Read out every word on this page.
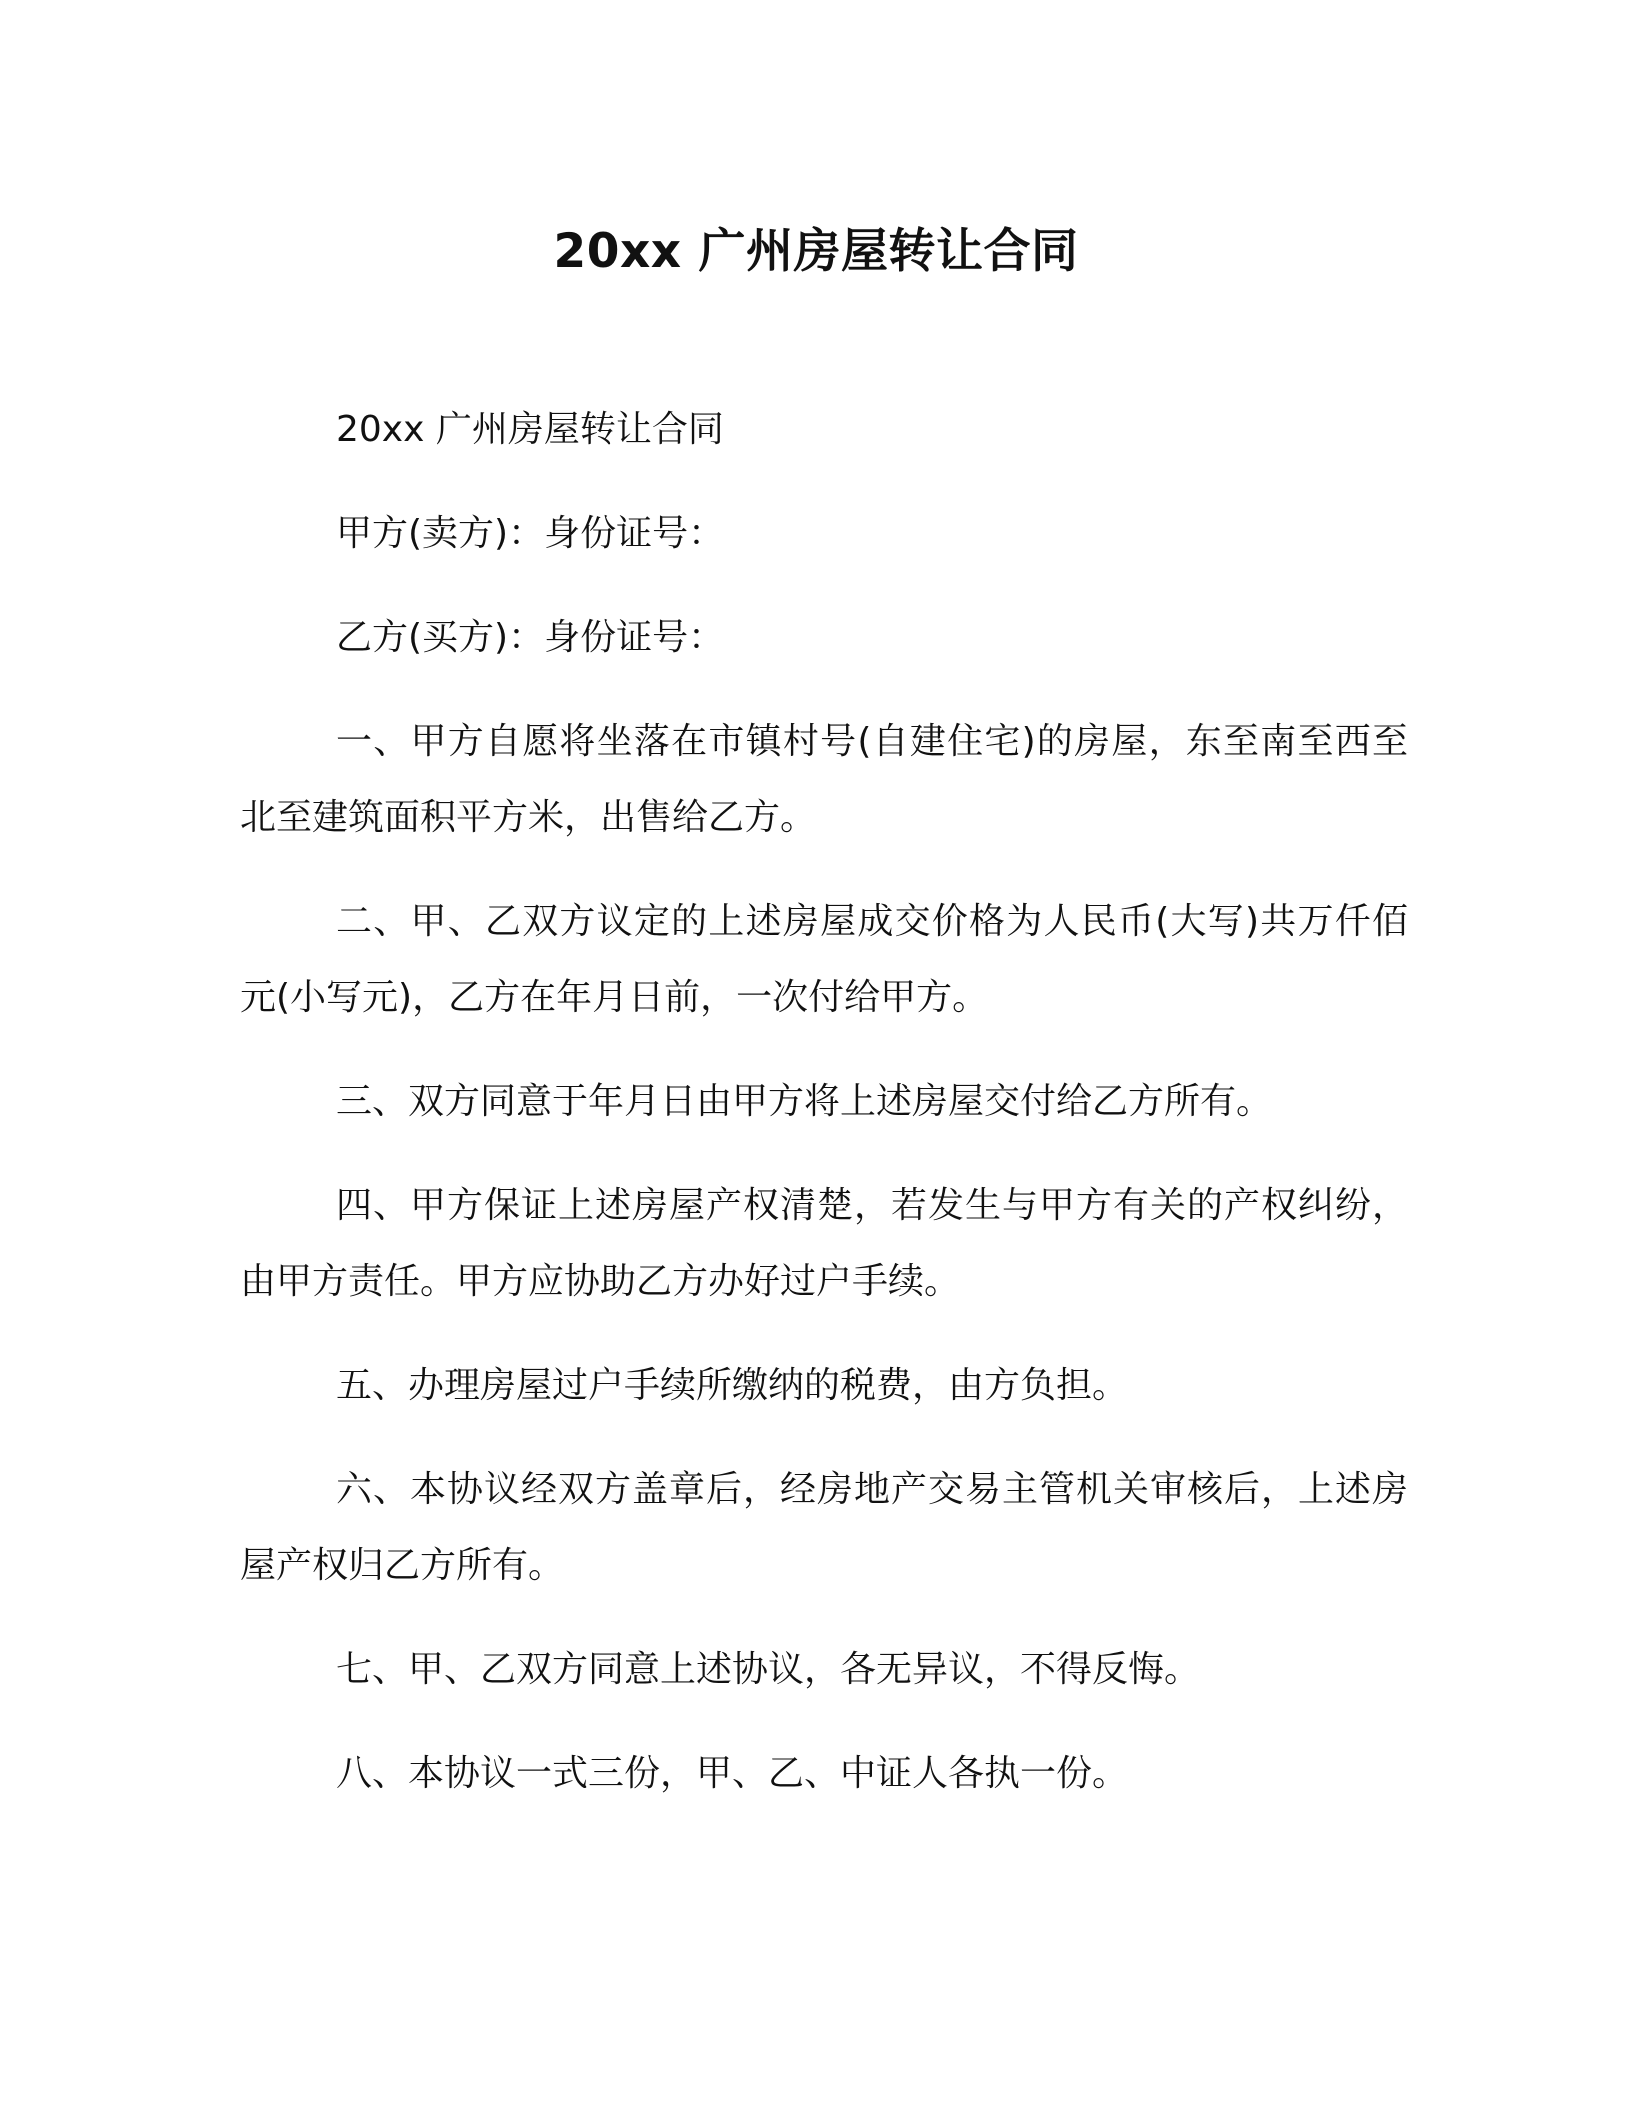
20xx 广州房屋转让合同

20xx 广州房屋转让合同

甲方(卖方)：身份证号：

乙方(买方)：身份证号：

一、甲方自愿将坐落在市镇村号(自建住宅)的房屋，东至南至西至北至建筑面积平方米，出售给乙方。

二、甲、乙双方议定的上述房屋成交价格为人民币(大写)共万仟佰元(小写元)，乙方在年月日前，一次付给甲方。

三、双方同意于年月日由甲方将上述房屋交付给乙方所有。

四、甲方保证上述房屋产权清楚，若发生与甲方有关的产权纠纷，由甲方责任。甲方应协助乙方办好过户手续。

五、办理房屋过户手续所缴纳的税费，由方负担。

六、本协议经双方盖章后，经房地产交易主管机关审核后，上述房屋产权归乙方所有。

七、甲、乙双方同意上述协议，各无异议，不得反悔。

八、本协议一式三份，甲、乙、中证人各执一份。
